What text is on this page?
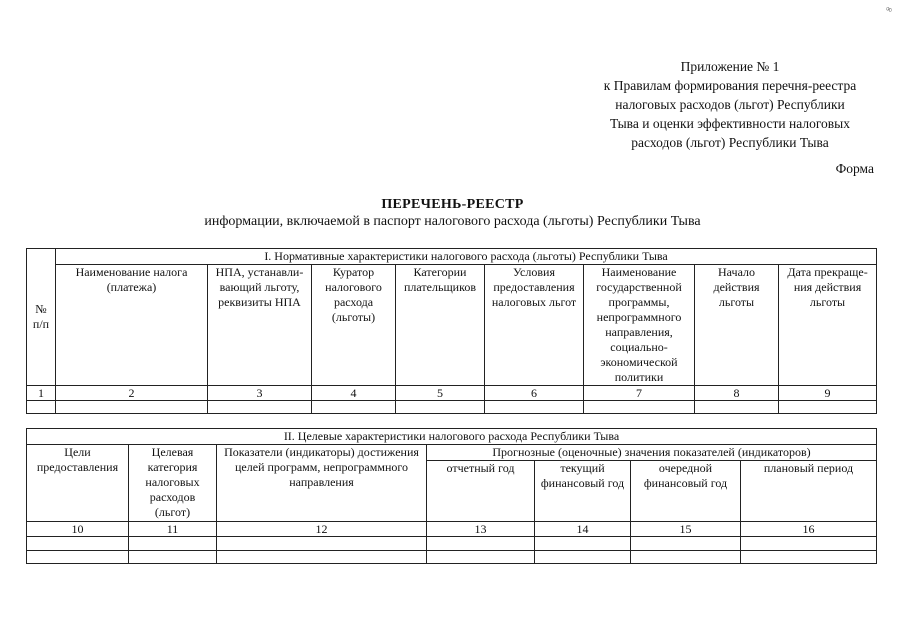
∞
Приложение № 1
к Правилам формирования перечня-реестра
налоговых расходов (льгот) Республики
Тыва и оценки эффективности налоговых
расходов (льгот) Республики Тыва
Форма
ПЕРЕЧЕНЬ-РЕЕСТР
информации, включаемой в паспорт налогового расхода (льготы) Республики Тыва
№ п/п	I. Нормативные характеристики налогового расхода (льготы) Республики Тыва							
	Наименование налога (платежа)	НПА, устанавли-вающий льготу, реквизиты НПА	Куратор налогового расхода (льготы)	Категории плательщиков	Условия предоставления налоговых льгот	Наименование государственной программы, непрограммного направления, социально-экономической политики	Начало действия льготы	Дата прекраще-ния действия льготы
1	2	3	4	5	6	7	8	9

II. Целевые характеристики налогового расхода Республики Тыва						
Цели предоставления	Целевая категория налоговых расходов (льгот)	Показатели (индикаторы) достижения целей программ, непрограммного направления	Прогнозные (оценочные) значения показателей (индикаторов)			
			отчетный год	текущий финансовый год	очередной финансовый год	плановый период
10	11	12	13	14	15	16
